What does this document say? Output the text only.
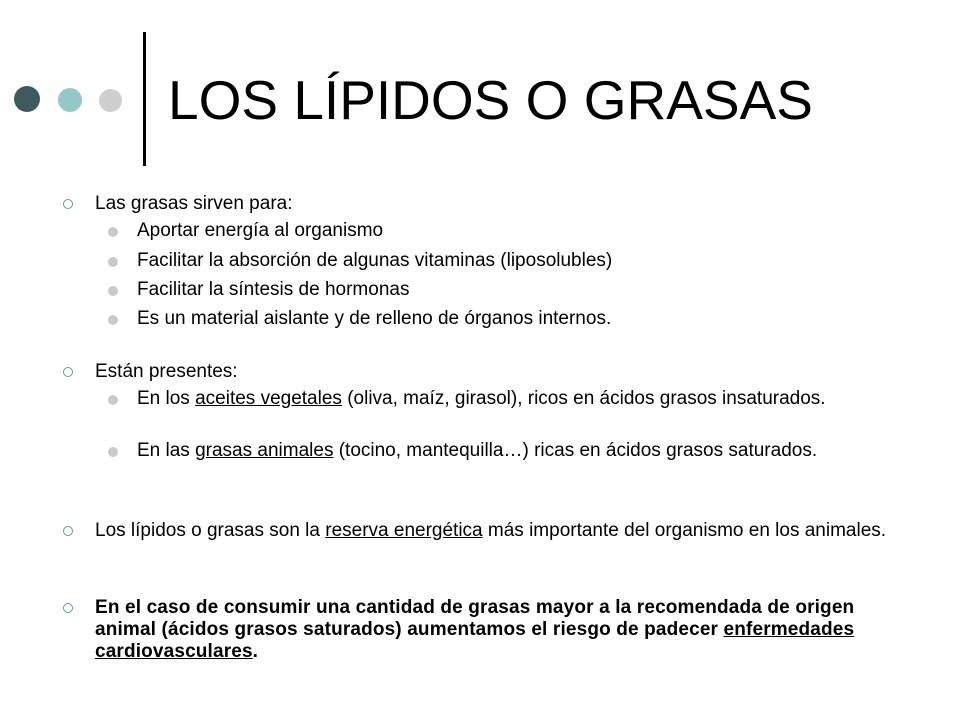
LOS LÍPIDOS O GRASAS
Las grasas sirven para:
Aportar energía al organismo
Facilitar la absorción de algunas vitaminas (liposolubles)
Facilitar la síntesis de hormonas
Es un material aislante y de relleno de órganos internos.
Están presentes:
En los aceites vegetales (oliva, maíz, girasol), ricos en ácidos grasos insaturados.
En las grasas animales (tocino, mantequilla…) ricas en ácidos grasos saturados.
Los lípidos o grasas son la reserva energética más importante del organismo en los animales.
En el caso de consumir una cantidad de grasas mayor a la recomendada de origen animal (ácidos grasos saturados) aumentamos el riesgo de padecer enfermedades cardiovasculares.
